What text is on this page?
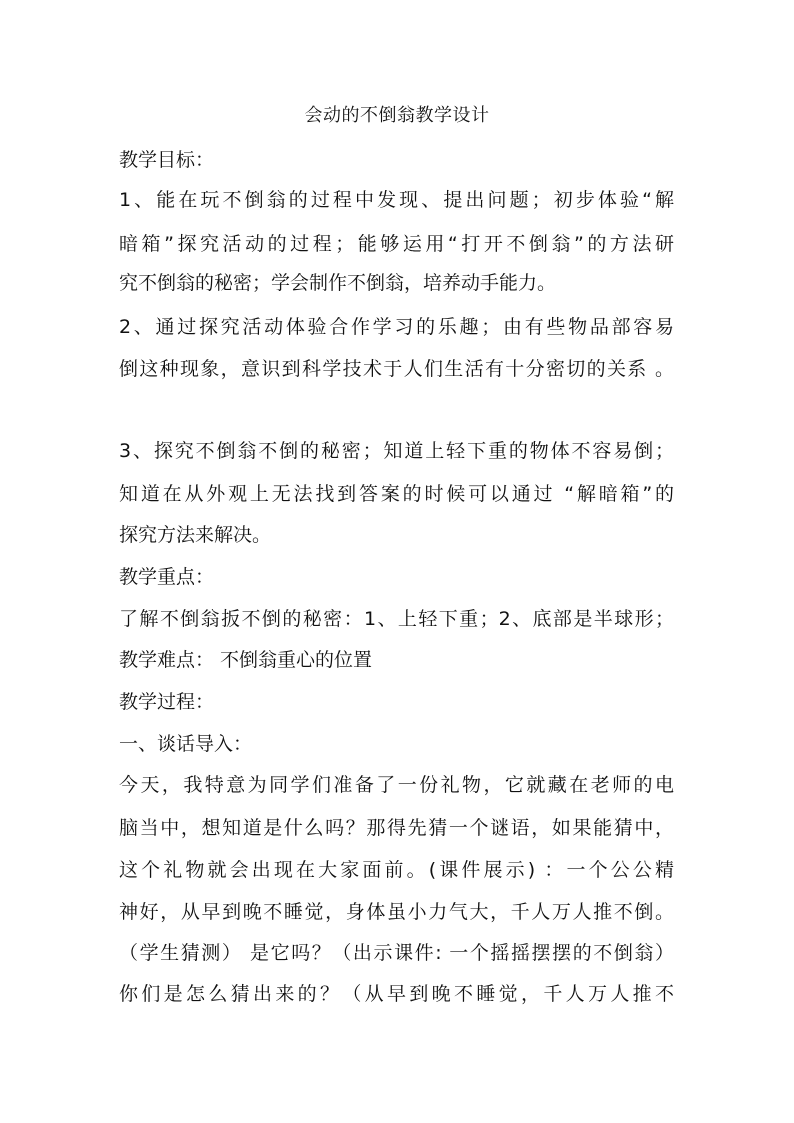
会动的不倒翁教学设计
教学目标：
1、能在玩不倒翁的过程中发现、提出问题；初步体验“解
暗箱”探究活动的过程；能够运用“打开不倒翁”的方法研
究不倒翁的秘密；学会制作不倒翁，培养动手能力。
2、通过探究活动体验合作学习的乐趣；由有些物品部容易
倒这种现象，意识到科学技术于人们生活有十分密切的关系 。
3、探究不倒翁不倒的秘密；知道上轻下重的物体不容易倒；
知道在从外观上无法找到答案的时候可以通过 “解暗箱”的
探究方法来解决。
教学重点：
了解不倒翁扳不倒的秘密：1、上轻下重；2、底部是半球形；
教学难点： 不倒翁重心的位置
教学过程：
一、谈话导入：
今天，我特意为同学们准备了一份礼物，它就藏在老师的电
脑当中，想知道是什么吗？那得先猜一个谜语，如果能猜中，
这个礼物就会出现在大家面前。(课件展示) ：一个公公精
神好，从早到晚不睡觉，身体虽小力气大，千人万人推不倒。
（学生猜测） 是它吗？（出示课件: 一个摇摇摆摆的不倒翁）
你们是怎么猜出来的？（从早到晚不睡觉，千人万人推不
